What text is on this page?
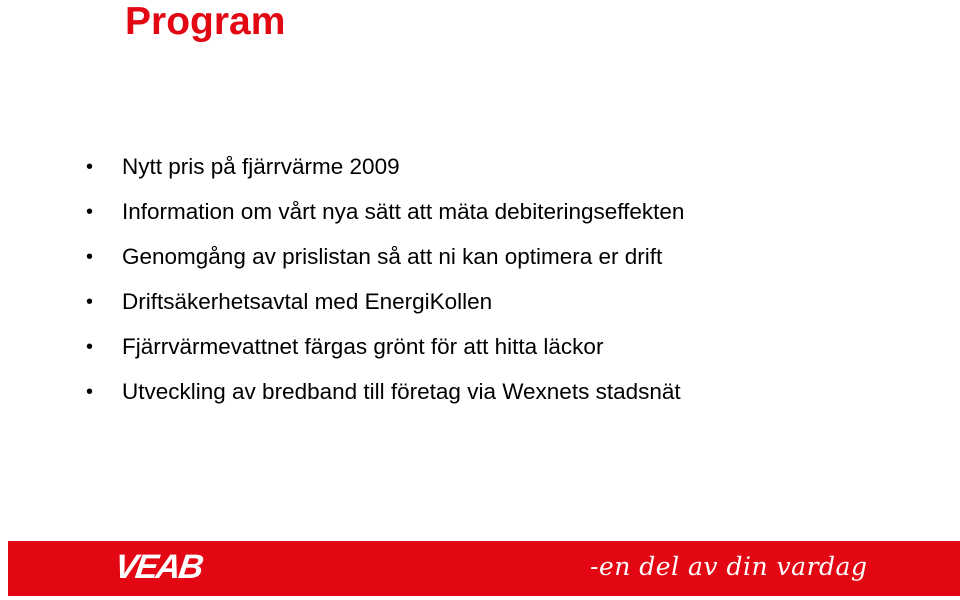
Program
•	Nytt pris på fjärrvärme 2009
•	Information om vårt nya sätt att mäta debiteringseffekten
•	Genomgång av prislistan så att ni kan optimera er drift
•	Driftsäkerhetsavtal med EnergiKollen
•	Fjärrvärmevattnet färgas grönt för att hitta läckor
•	Utveckling av bredband till företag via Wexnets stadsnät
VEAB	-en del av din vardag
